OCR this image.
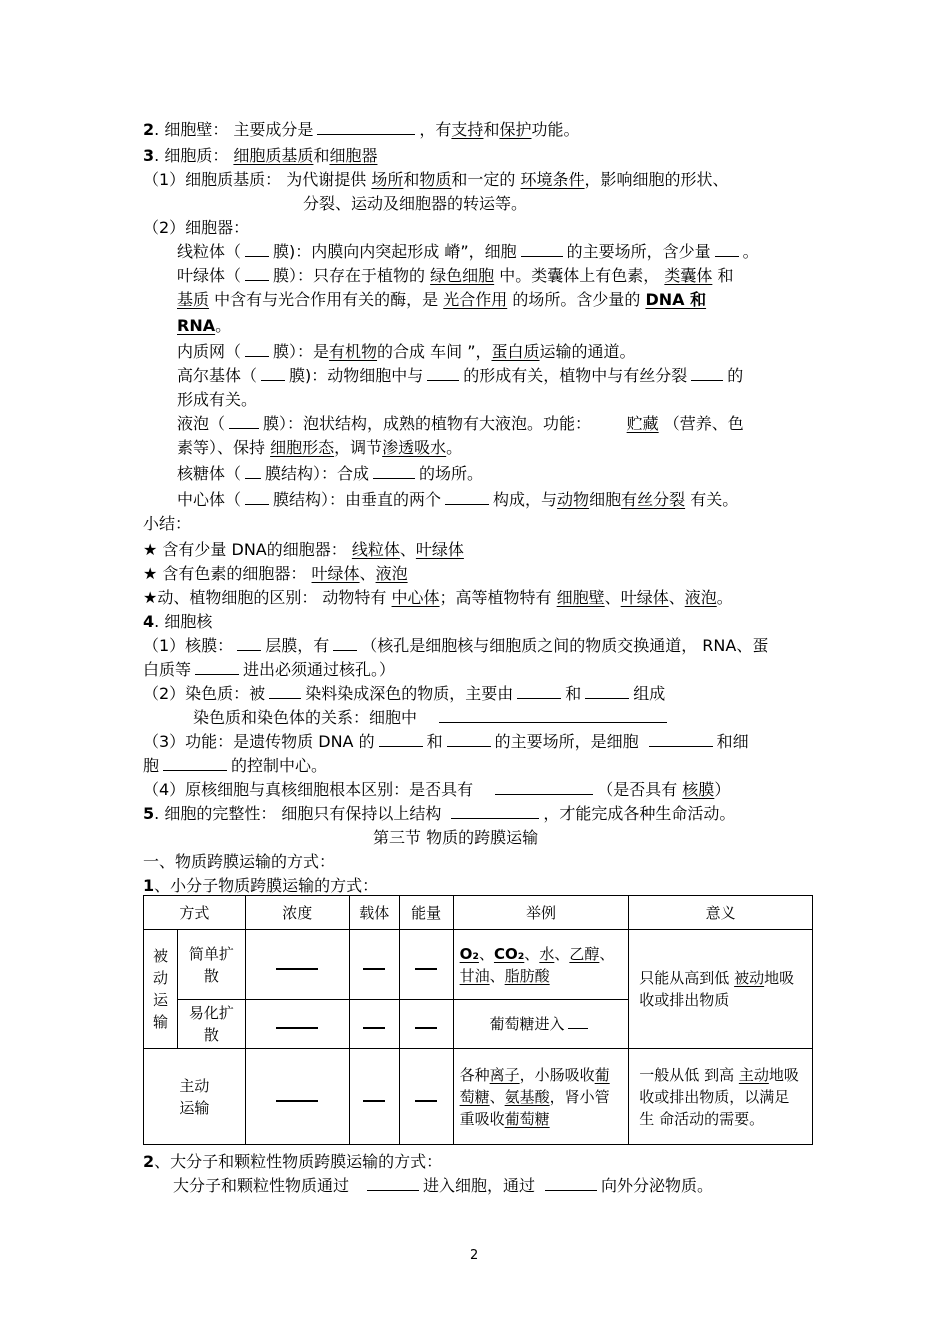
2. 细胞壁： 主要成分是	，有支持和保护功能。
3. 细胞质： 细胞质基质和细胞器
（1）细胞质基质： 为代谢提供 场所和物质和一定的 环境条件，影响细胞的形状、
分裂、运动及细胞器的转运等。
（2）细胞器：
线粒体（ 膜)：内膜向内突起形成 嵴”，细胞	的主要场所，含少量 。
叶绿体（ 膜）：只存在于植物的 绿色细胞 中。类囊体上有色素， 类囊体 和
基质 中含有与光合作用有关的酶，是 光合作用 的场所。含少量的 DNA 和
RNA。
内质网（ 膜）：是有机物的合成 车间 ”，蛋白质运输的通道。
高尔基体（ 膜)：动物细胞中与	的形成有关，植物中与有丝分裂	的
形成有关。
液泡（ 膜）：泡状结构，成熟的植物有大液泡。功能： 贮藏 （营养、色
素等）、保持 细胞形态，调节渗透吸水。
核糖体（ 膜结构）：合成	的场所。
中心体（ 膜结构）：由垂直的两个	构成，与动物细胞有丝分裂 有关。
小结：
★ 含有少量 DNA的细胞器： 线粒体、叶绿体
★ 含有色素的细胞器： 叶绿体、液泡
★动、植物细胞的区别： 动物特有 中心体；高等植物特有 细胞壁、叶绿体、液泡。
4. 细胞核
（1）核膜： 层膜，有 （核孔是细胞核与细胞质之间的物质交换通道， RNA、蛋
白质等	进出必须通过核孔。）
（2）染色质：被	染料染成深色的物质，主要由	和	组成
染色质和染色体的关系：细胞中
（3）功能：是遗传物质 DNA 的	和	的主要场所，是细胞	和细
胞	的控制中心。
（4）原核细胞与真核细胞根本区别：是否具有	（是否具有 核膜）
5. 细胞的完整性： 细胞只有保持以上结构	，才能完成各种生命活动。
第三节 物质的跨膜运输
一、物质跨膜运输的方式：
1、小分子物质跨膜运输的方式：
方式		浓度	载体	能量	举例	意义
被动运输	简单扩散				O₂、CO₂、水、乙醇、甘油、脂肪酸	只能从高到低 被动地吸收或排出物质
	易化扩散				葡萄糖进入	
主动运输					各种离子，小肠吸收葡萄糖、氨基酸，肾小管重吸收葡萄糖	一般从低 到高 主动地吸收或排出物质，以满足生 命活动的需要。
2、大分子和颗粒性物质跨膜运输的方式：
大分子和颗粒性物质通过	进入细胞，通过	向外分泌物质。
2
